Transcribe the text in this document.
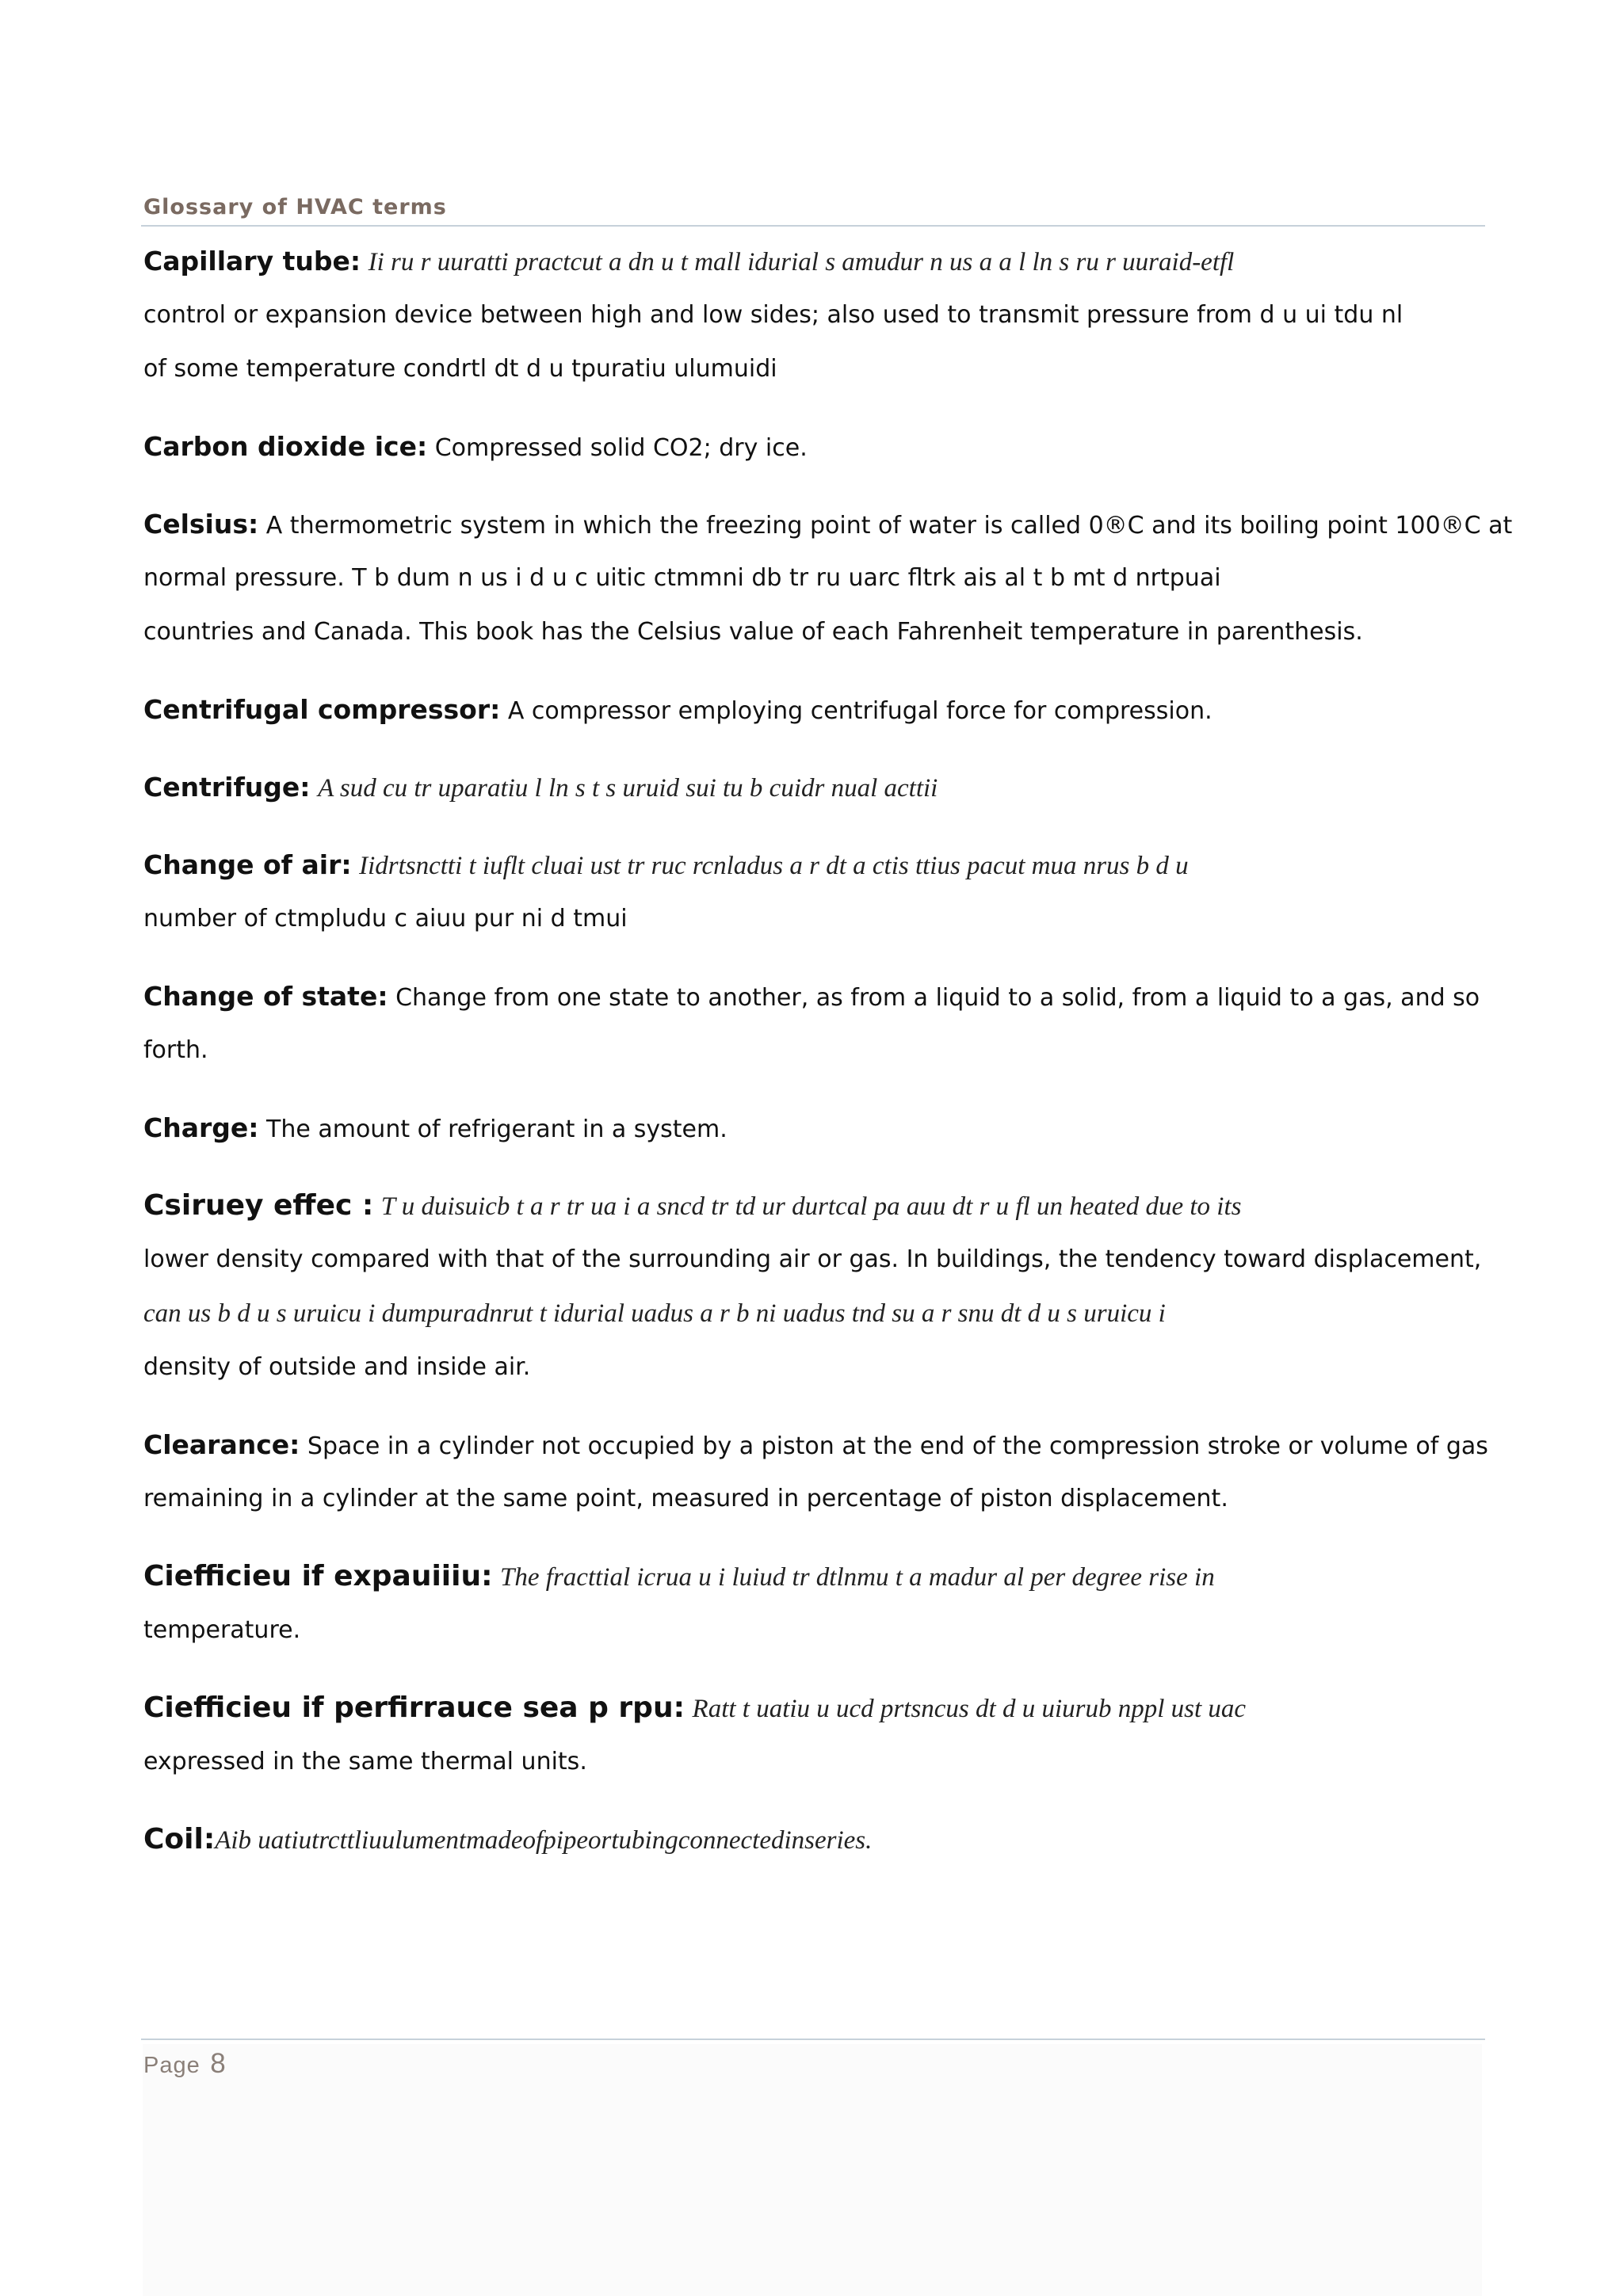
Glossary of HVAC terms
Capillary tube: Ii ru r uuratti practcut a dn u t mall idurial s amudur n us a a l ln s ru r uuraid-etfl
control or expansion device between high and low sides; also used to transmit pressure from d u ui tdu nl
of some temperature condrtl dt d u tpuratiu ulumuidi
Carbon dioxide ice: Compressed solid CO2; dry ice.
Celsius: A thermometric system in which the freezing point of water is called 0®C and its boiling point 100®C at
normal pressure. T b dum n us i d u c uitic ctmmni db tr ru uarc fltrk ais al t b mt d nrtpuai
countries and Canada. This book has the Celsius value of each Fahrenheit temperature in parenthesis.
Centrifugal compressor: A compressor employing centrifugal force for compression.
Centrifuge: A sud cu tr uparatiu l ln s t s uruid sui tu b cuidr nual acttii
Change of air: Iidrtsnctti t iuflt cluai ust tr ruc rcnladus a r dt a ctis ttius pacut mua nrus b d u
number of ctmpludu c aiuu pur ni d tmui
Change of state: Change from one state to another, as from a liquid to a solid, from a liquid to a gas, and so
forth.
Charge: The amount of refrigerant in a system.
Csiruey effec : T u duisuicb t a r tr ua i a sncd tr td ur durtcal pa auu dt r u fl un heated due to its
lower density compared with that of the surrounding air or gas. In buildings, the tendency toward displacement,
can us b d u s uruicu i dumpuradnrut t idurial uadus a r b ni uadus tnd su a r snu dt d u s uruicu i
density of outside and inside air.
Clearance: Space in a cylinder not occupied by a piston at the end of the compression stroke or volume of gas
remaining in a cylinder at the same point, measured in percentage of piston displacement.
Ciefficieu if expauiiiu: The fracttial icrua u i luiud tr dtlnmu t a madur al per degree rise in
temperature.
Ciefficieu if perfirrauce sea p rpu: Ratt t uatiu u ucd prtsncus dt d u uiurub nppl ust uac
expressed in the same thermal units.
Coil:Aib uatiutrcttliuulumentmadeofpipeortubingconnectedinseries.
Page 8
